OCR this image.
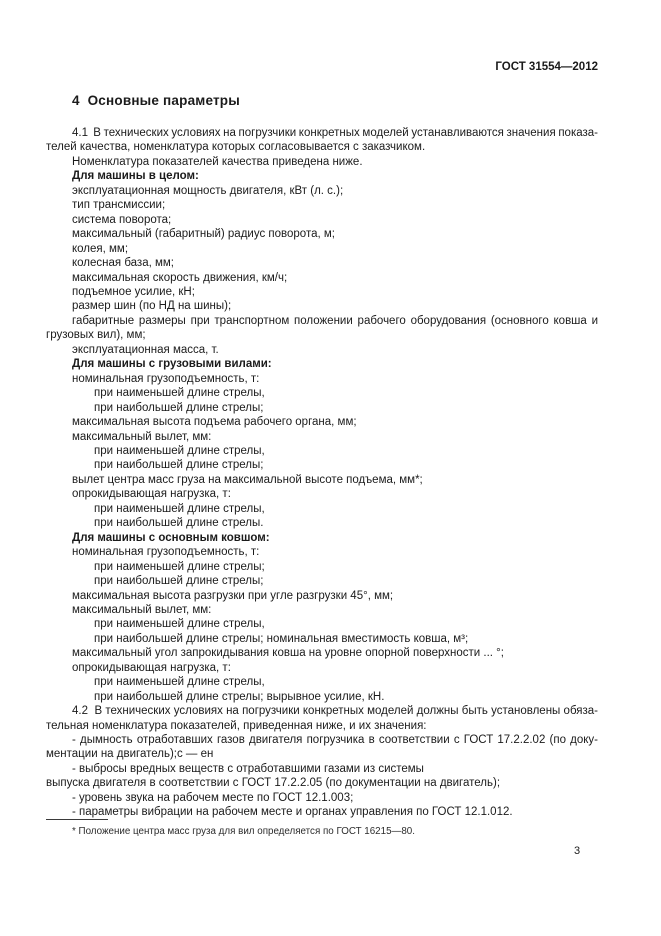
ГОСТ 31554—2012
4  Основные параметры
4.1  В технических условиях на погрузчики конкретных моделей устанавливаются значения показа-
телей качества, номенклатура которых согласовывается с заказчиком.
Номенклатура показателей качества приведена ниже.
Для машины в целом:
эксплуатационная мощность двигателя, кВт (л. с.);
тип трансмиссии;
система поворота;
максимальный (габаритный) радиус поворота, м;
колея, мм;
колесная база, мм;
максимальная скорость движения, км/ч;
подъемное усилие, кН;
размер шин (по НД на шины);
габаритные размеры при транспортном положении рабочего оборудования (основного ковша и
грузовых вил), мм;
эксплуатационная масса, т.
Для машины с грузовыми вилами:
номинальная грузоподъемность, т:
при наименьшей длине стрелы,
при наибольшей длине стрелы;
максимальная высота подъема рабочего органа, мм;
максимальный вылет, мм:
при наименьшей длине стрелы,
при наибольшей длине стрелы;
вылет центра масс груза на максимальной высоте подъема, мм*;
опрокидывающая нагрузка, т:
при наименьшей длине стрелы,
при наибольшей длине стрелы.
Для машины с основным ковшом:
номинальная грузоподъемность, т:
при наименьшей длине стрелы;
при наибольшей длине стрелы;
максимальная высота разгрузки при угле разгрузки 45°, мм;
максимальный вылет, мм:
при наименьшей длине стрелы,
при наибольшей длине стрелы; номинальная вместимость ковша, м³;
максимальный угол запрокидывания ковша на уровне опорной поверхности ... °;
опрокидывающая нагрузка, т:
при наименьшей длине стрелы,
при наибольшей длине стрелы; вырывное усилие, кН.
4.2  В технических условиях на погрузчики конкретных моделей должны быть установлены обяза-
тельная номенклатура показателей, приведенная ниже, и их значения:
- дымность отработавших газов двигателя погрузчика в соответствии с ГОСТ 17.2.2.02 (по доку-
ментации на двигатель);с — ен
- выбросы вредных веществ с отработавшими газами из системы
выпуска двигателя в соответствии с ГОСТ 17.2.2.05 (по документации на двигатель);
- уровень звука на рабочем месте по ГОСТ 12.1.003;
- параметры вибрации на рабочем месте и органах управления по ГОСТ 12.1.012.
* Положение центра масс груза для вил определяется по ГОСТ 16215—80.
3
